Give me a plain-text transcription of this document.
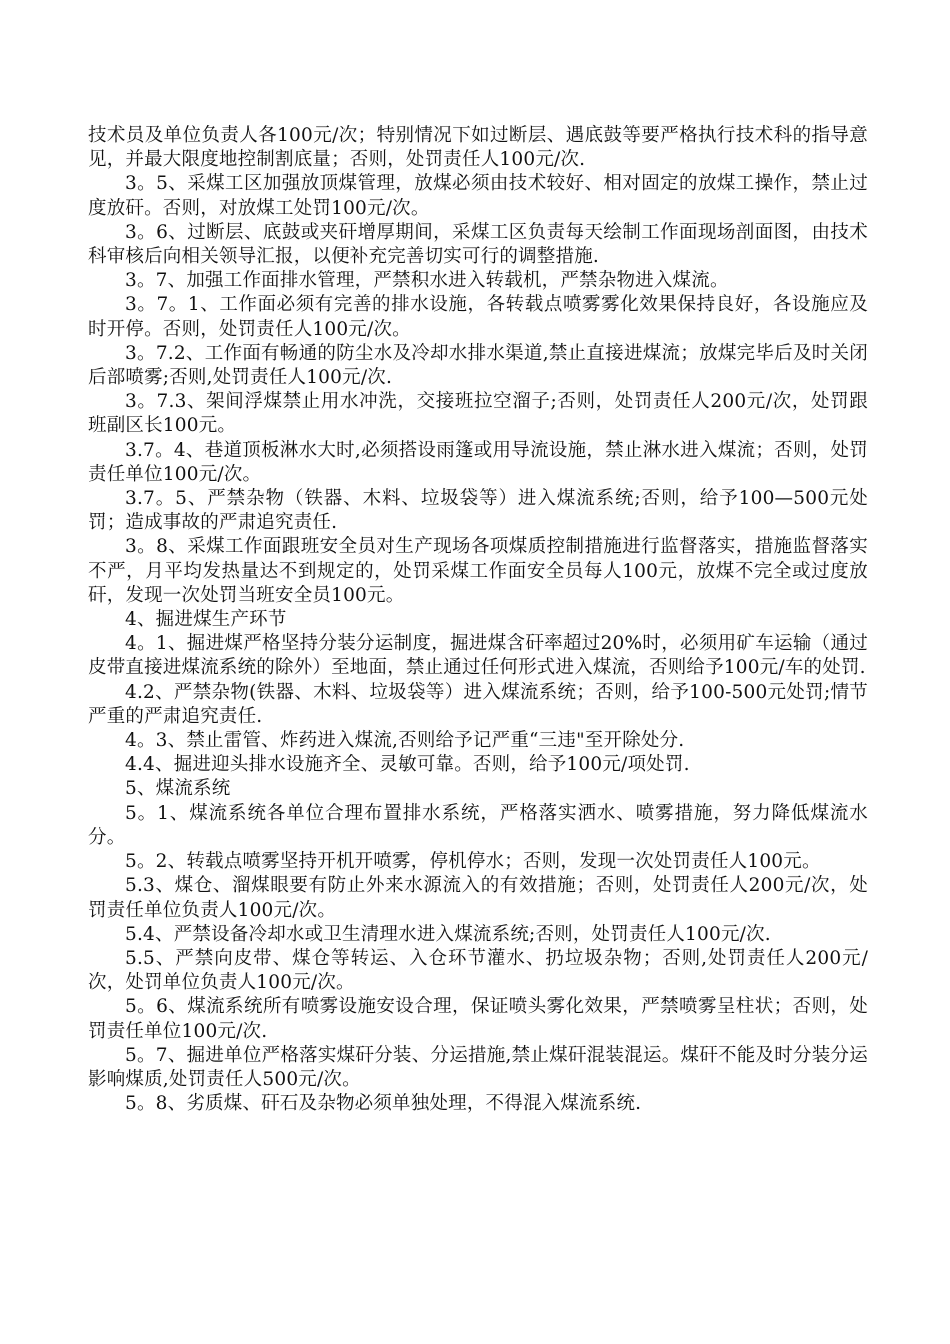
技术员及单位负责人各100元/次；特别情况下如过断层、遇底鼓等要严格执行技术科的指导意见，并最大限度地控制割底量；否则，处罚责任人100元/次.

3。5、采煤工区加强放顶煤管理，放煤必须由技术较好、相对固定的放煤工操作，禁止过度放矸。否则，对放煤工处罚100元/次。

3。6、过断层、底鼓或夹矸增厚期间，采煤工区负责每天绘制工作面现场剖面图，由技术科审核后向相关领导汇报，以便补充完善切实可行的调整措施.

3。7、加强工作面排水管理，严禁积水进入转载机，严禁杂物进入煤流。

3。7。1、工作面必须有完善的排水设施，各转载点喷雾雾化效果保持良好，各设施应及时开停。否则，处罚责任人100元/次。

3。7.2、工作面有畅通的防尘水及冷却水排水渠道,禁止直接进煤流；放煤完毕后及时关闭后部喷雾;否则,处罚责任人100元/次.

3。7.3、架间浮煤禁止用水冲洗，交接班拉空溜子;否则，处罚责任人200元/次，处罚跟班副区长100元。

3.7。4、巷道顶板淋水大时,必须搭设雨篷或用导流设施，禁止淋水进入煤流；否则，处罚责任单位100元/次。

3.7。5、严禁杂物（铁器、木料、垃圾袋等）进入煤流系统;否则，给予100—500元处罚；造成事故的严肃追究责任.

3。8、采煤工作面跟班安全员对生产现场各项煤质控制措施进行监督落实，措施监督落实不严，月平均发热量达不到规定的，处罚采煤工作面安全员每人100元，放煤不完全或过度放矸，发现一次处罚当班安全员100元。

4、掘进煤生产环节

4。1、掘进煤严格坚持分装分运制度，掘进煤含矸率超过20%时，必须用矿车运输（通过皮带直接进煤流系统的除外）至地面，禁止通过任何形式进入煤流，否则给予100元/车的处罚.

4.2、严禁杂物(铁器、木料、垃圾袋等）进入煤流系统；否则，给予100-500元处罚;情节严重的严肃追究责任.

4。3、禁止雷管、炸药进入煤流,否则给予记严重“三违"至开除处分.

4.4、掘进迎头排水设施齐全、灵敏可靠。否则，给予100元/项处罚.

5、煤流系统

5。1、煤流系统各单位合理布置排水系统，严格落实洒水、喷雾措施，努力降低煤流水分。

5。2、转载点喷雾坚持开机开喷雾，停机停水；否则，发现一次处罚责任人100元。

5.3、煤仓、溜煤眼要有防止外来水源流入的有效措施；否则，处罚责任人200元/次，处罚责任单位负责人100元/次。

5.4、严禁设备冷却水或卫生清理水进入煤流系统;否则，处罚责任人100元/次.

5.5、严禁向皮带、煤仓等转运、入仓环节灌水、扔垃圾杂物；否则,处罚责任人200元/次，处罚单位负责人100元/次。

5。6、煤流系统所有喷雾设施安设合理，保证喷头雾化效果，严禁喷雾呈柱状；否则，处罚责任单位100元/次.

5。7、掘进单位严格落实煤矸分装、分运措施,禁止煤矸混装混运。煤矸不能及时分装分运影响煤质,处罚责任人500元/次。

5。8、劣质煤、矸石及杂物必须单独处理，不得混入煤流系统.
